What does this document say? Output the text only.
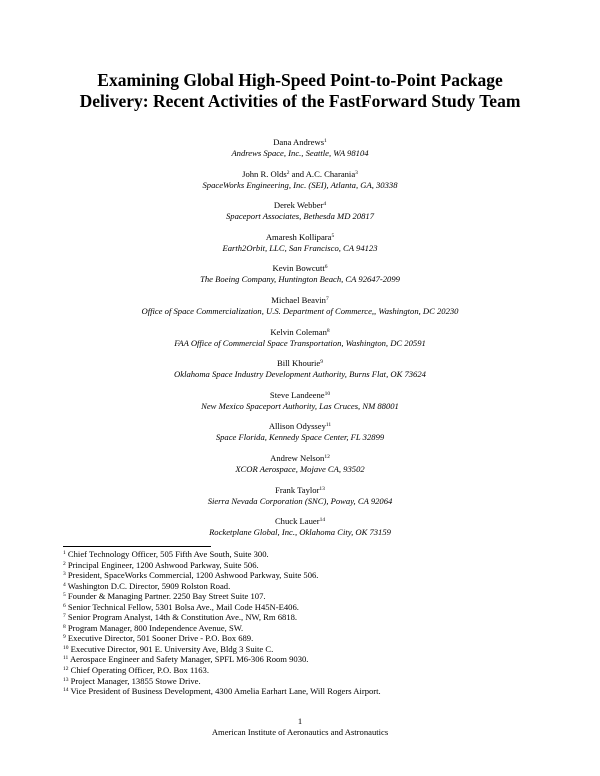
Examining Global High-Speed Point-to-Point Package
Delivery: Recent Activities of the FastForward Study Team
Dana Andrews$^1$
Andrews Space, Inc., Seattle, WA 98104
John R. Olds$^2$ and A.C. Charania$^3$
SpaceWorks Engineering, Inc. (SEI), Atlanta, GA, 30338
Derek Webber$^4$
Spaceport Associates, Bethesda MD 20817
Amaresh Kollipara$^5$
Earth2Orbit, LLC, San Francisco, CA 94123
Kevin Bowcutt$^6$
The Boeing Company, Huntington Beach, CA 92647-2099
Michael Beavin$^7$
Office of Space Commercialization, U.S. Department of Commerce,, Washington, DC 20230
Kelvin Coleman$^8$
FAA Office of Commercial Space Transportation, Washington, DC 20591
Bill Khourie$^9$
Oklahoma Space Industry Development Authority, Burns Flat, OK 73624
Steve Landeene$^{10}$
New Mexico Spaceport Authority, Las Cruces, NM 88001
Allison Odyssey$^{11}$
Space Florida, Kennedy Space Center, FL 32899
Andrew Nelson$^{12}$
XCOR Aerospace, Mojave CA, 93502
Frank Taylor$^{13}$
Sierra Nevada Corporation (SNC), Poway, CA 92064
Chuck Lauer$^{14}$
Rocketplane Global, Inc., Oklahoma City, OK 73159
$^1$ Chief Technology Officer, 505 Fifth Ave South, Suite 300.
$^2$ Principal Engineer, 1200 Ashwood Parkway, Suite 506.
$^3$ President, SpaceWorks Commercial, 1200 Ashwood Parkway, Suite 506.
$^4$ Washington D.C. Director, 5909 Rolston Road.
$^5$ Founder & Managing Partner. 2250 Bay Street Suite 107.
$^6$ Senior Technical Fellow, 5301 Bolsa Ave., Mail Code H45N-E406.
$^7$ Senior Program Analyst, 14th & Constitution Ave., NW, Rm 6818.
$^8$ Program Manager, 800 Independence Avenue, SW.
$^9$ Executive Director, 501 Sooner Drive - P.O. Box 689.
$^{10}$ Executive Director, 901 E. University Ave, Bldg 3 Suite C.
$^{11}$ Aerospace Engineer and Safety Manager, SPFL M6-306 Room 9030.
$^{12}$ Chief Operating Officer, P.O. Box 1163.
$^{13}$ Project Manager, 13855 Stowe Drive.
$^{14}$ Vice President of Business Development, 4300 Amelia Earhart Lane, Will Rogers Airport.
1
American Institute of Aeronautics and Astronautics
